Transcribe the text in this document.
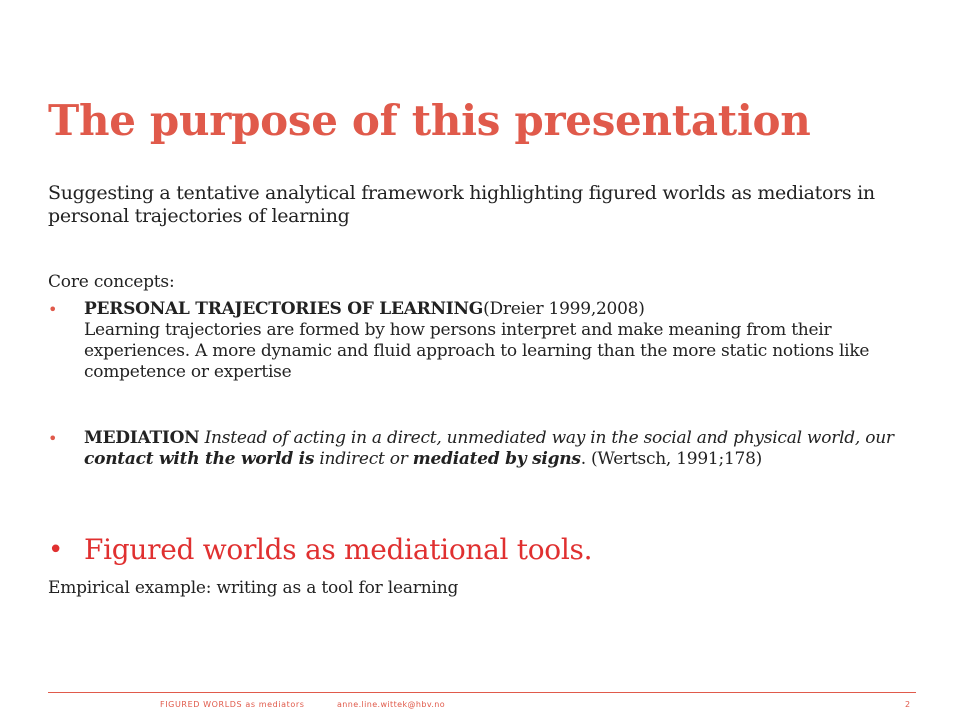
The purpose of this presentation

Suggesting a tentative analytical framework highlighting figured worlds as mediators in personal trajectories of learning

Core concepts:

•	PERSONAL TRAJECTORIES OF LEARNING(Dreier 1999,2008)
Learning trajectories are formed by how persons interpret and make meaning from their experiences. A more dynamic and fluid approach to learning than the more static notions like competence or expertise
•	MEDIATION Instead of acting in a direct, unmediated way in the social and physical world, our contact with the world is indirect or mediated by signs. (Wertsch, 1991;178)
• Figured worlds as mediational tools.

Empirical example: writing as a tool for learning

FIGURED WORLDS as mediators	anne.line.wittek@hbv.no	2
